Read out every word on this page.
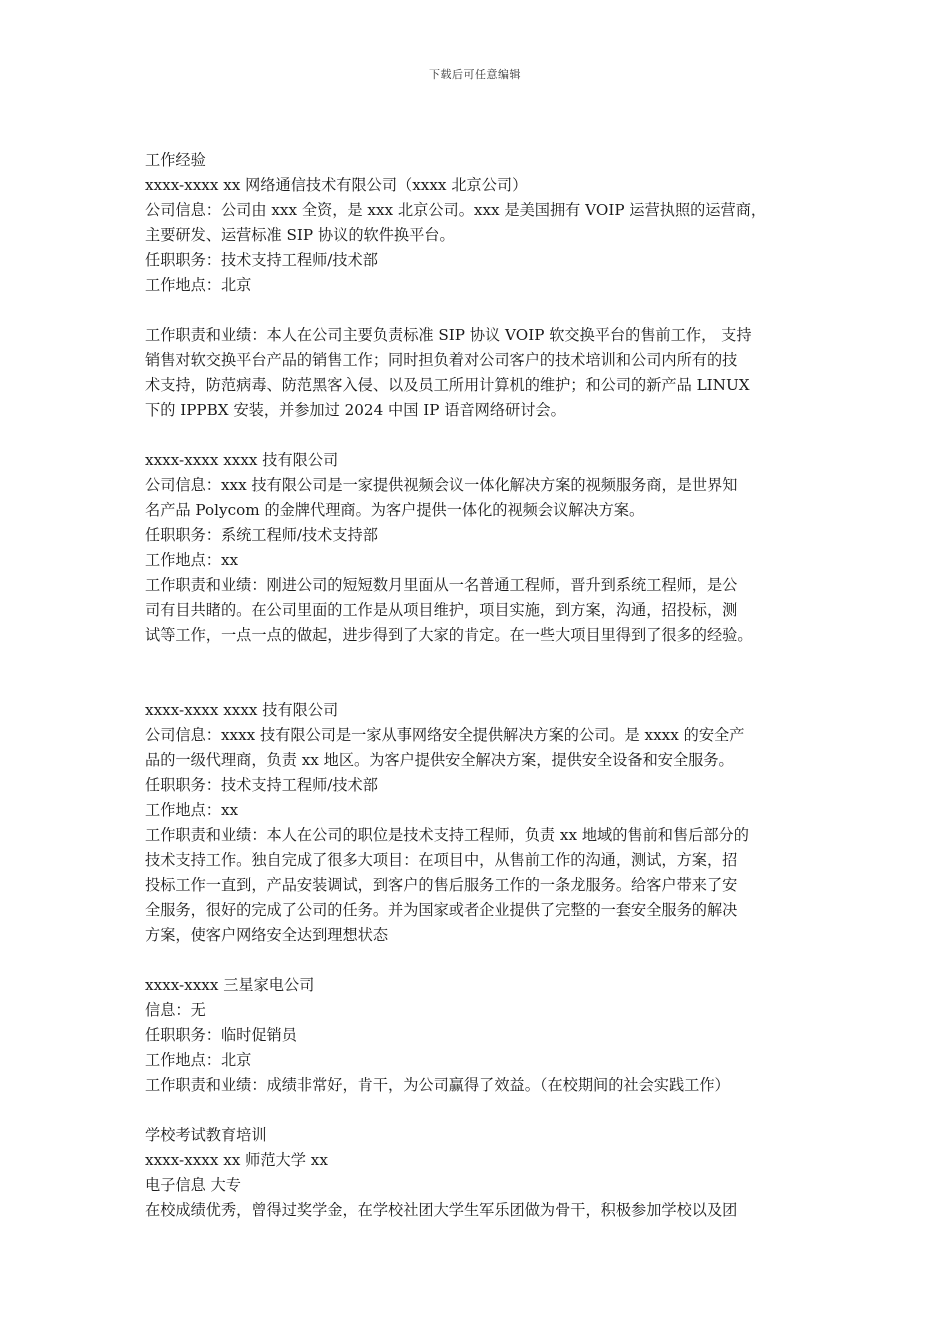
下载后可任意编辑
工作经验
xxxx-xxxx xx 网络通信技术有限公司（xxxx 北京公司）
公司信息：公司由 xxx 全资，是 xxx 北京公司。xxx 是美国拥有 VOIP 运营执照的运营商，
主要研发、运营标准 SIP 协议的软件换平台。
任职职务：技术支持工程师/技术部
工作地点：北京
工作职责和业绩：本人在公司主要负责标准 SIP 协议 VOIP 软交换平台的售前工作， 支持
销售对软交换平台产品的销售工作；同时担负着对公司客户的技术培训和公司内所有的技
术支持，防范病毒、防范黑客入侵、以及员工所用计算机的维护；和公司的新产品 LINUX
下的 IPPBX 安装，并参加过 2024 中国 IP 语音网络研讨会。
xxxx-xxxx xxxx 技有限公司
公司信息：xxx 技有限公司是一家提供视频会议一体化解决方案的视频服务商，是世界知
名产品 Polycom 的金牌代理商。为客户提供一体化的视频会议解决方案。
任职职务：系统工程师/技术支持部
工作地点：xx
工作职责和业绩：刚进公司的短短数月里面从一名普通工程师，晋升到系统工程师，是公
司有目共睹的。在公司里面的工作是从项目维护，项目实施，到方案，沟通，招投标，测
试等工作，一点一点的做起，进步得到了大家的肯定。在一些大项目里得到了很多的经验。
xxxx-xxxx xxxx 技有限公司
公司信息：xxxx 技有限公司是一家从事网络安全提供解决方案的公司。是 xxxx 的安全产
品的一级代理商，负责 xx 地区。为客户提供安全解决方案，提供安全设备和安全服务。
任职职务：技术支持工程师/技术部
工作地点：xx
工作职责和业绩：本人在公司的职位是技术支持工程师，负责 xx 地域的售前和售后部分的
技术支持工作。独自完成了很多大项目：在项目中，从售前工作的沟通，测试，方案，招
投标工作一直到，产品安装调试，到客户的售后服务工作的一条龙服务。给客户带来了安
全服务，很好的完成了公司的任务。并为国家或者企业提供了完整的一套安全服务的解决
方案，使客户网络安全达到理想状态
xxxx-xxxx 三星家电公司
信息：无
任职职务：临时促销员
工作地点：北京
工作职责和业绩：成绩非常好，肯干，为公司赢得了效益。（在校期间的社会实践工作）
学校考试教育培训
xxxx-xxxx xx 师范大学 xx
电子信息 大专
在校成绩优秀，曾得过奖学金，在学校社团大学生军乐团做为骨干，积极参加学校以及团
